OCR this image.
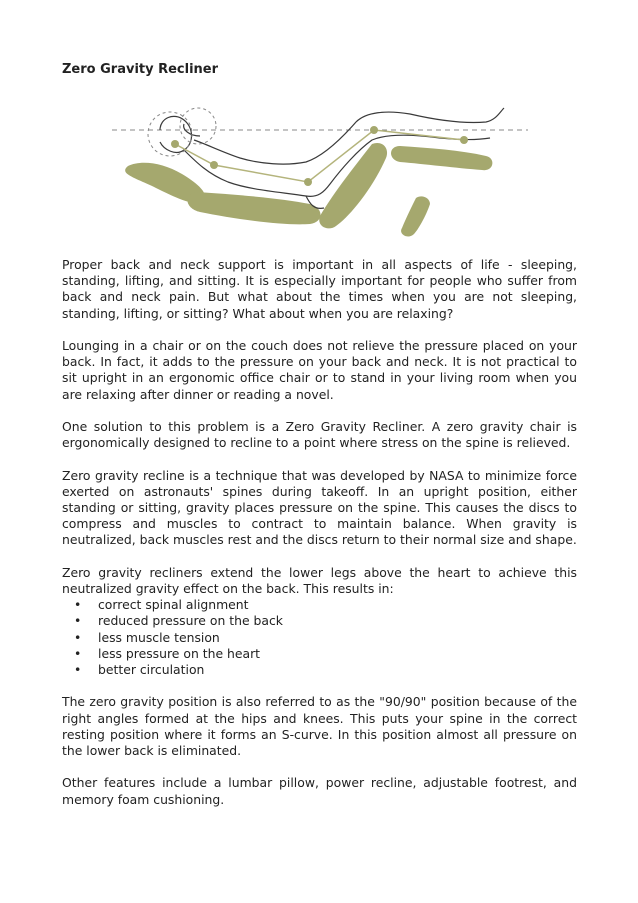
Zero Gravity Recliner

Proper back and neck support is important in all aspects of life - sleeping, standing, lifting, and sitting. It is especially important for people who suffer from back and neck pain. But what about the times when you are not sleeping, standing, lifting, or sitting? What about when you are relaxing?

Lounging in a chair or on the couch does not relieve the pressure placed on your back. In fact, it adds to the pressure on your back and neck. It is not practical to sit upright in an ergonomic office chair or to stand in your living room when you are relaxing after dinner or reading a novel.

One solution to this problem is a Zero Gravity Recliner. A zero gravity chair is ergonomically designed to recline to a point where stress on the spine is relieved.

Zero gravity recline is a technique that was developed by NASA to minimize force exerted on astronauts' spines during takeoff. In an upright position, either standing or sitting, gravity places pressure on the spine. This causes the discs to compress and muscles to contract to maintain balance. When gravity is neutralized, back muscles rest and the discs return to their normal size and shape.

Zero gravity recliners extend the lower legs above the heart to achieve this neutralized gravity effect on the back. This results in:

• correct spinal alignment
• reduced pressure on the back
• less muscle tension
• less pressure on the heart
• better circulation

The zero gravity position is also referred to as the "90/90" position because of the right angles formed at the hips and knees. This puts your spine in the correct resting position where it forms an S-curve. In this position almost all pressure on the lower back is eliminated.

Other features include a lumbar pillow, power recline, adjustable footrest, and memory foam cushioning.
